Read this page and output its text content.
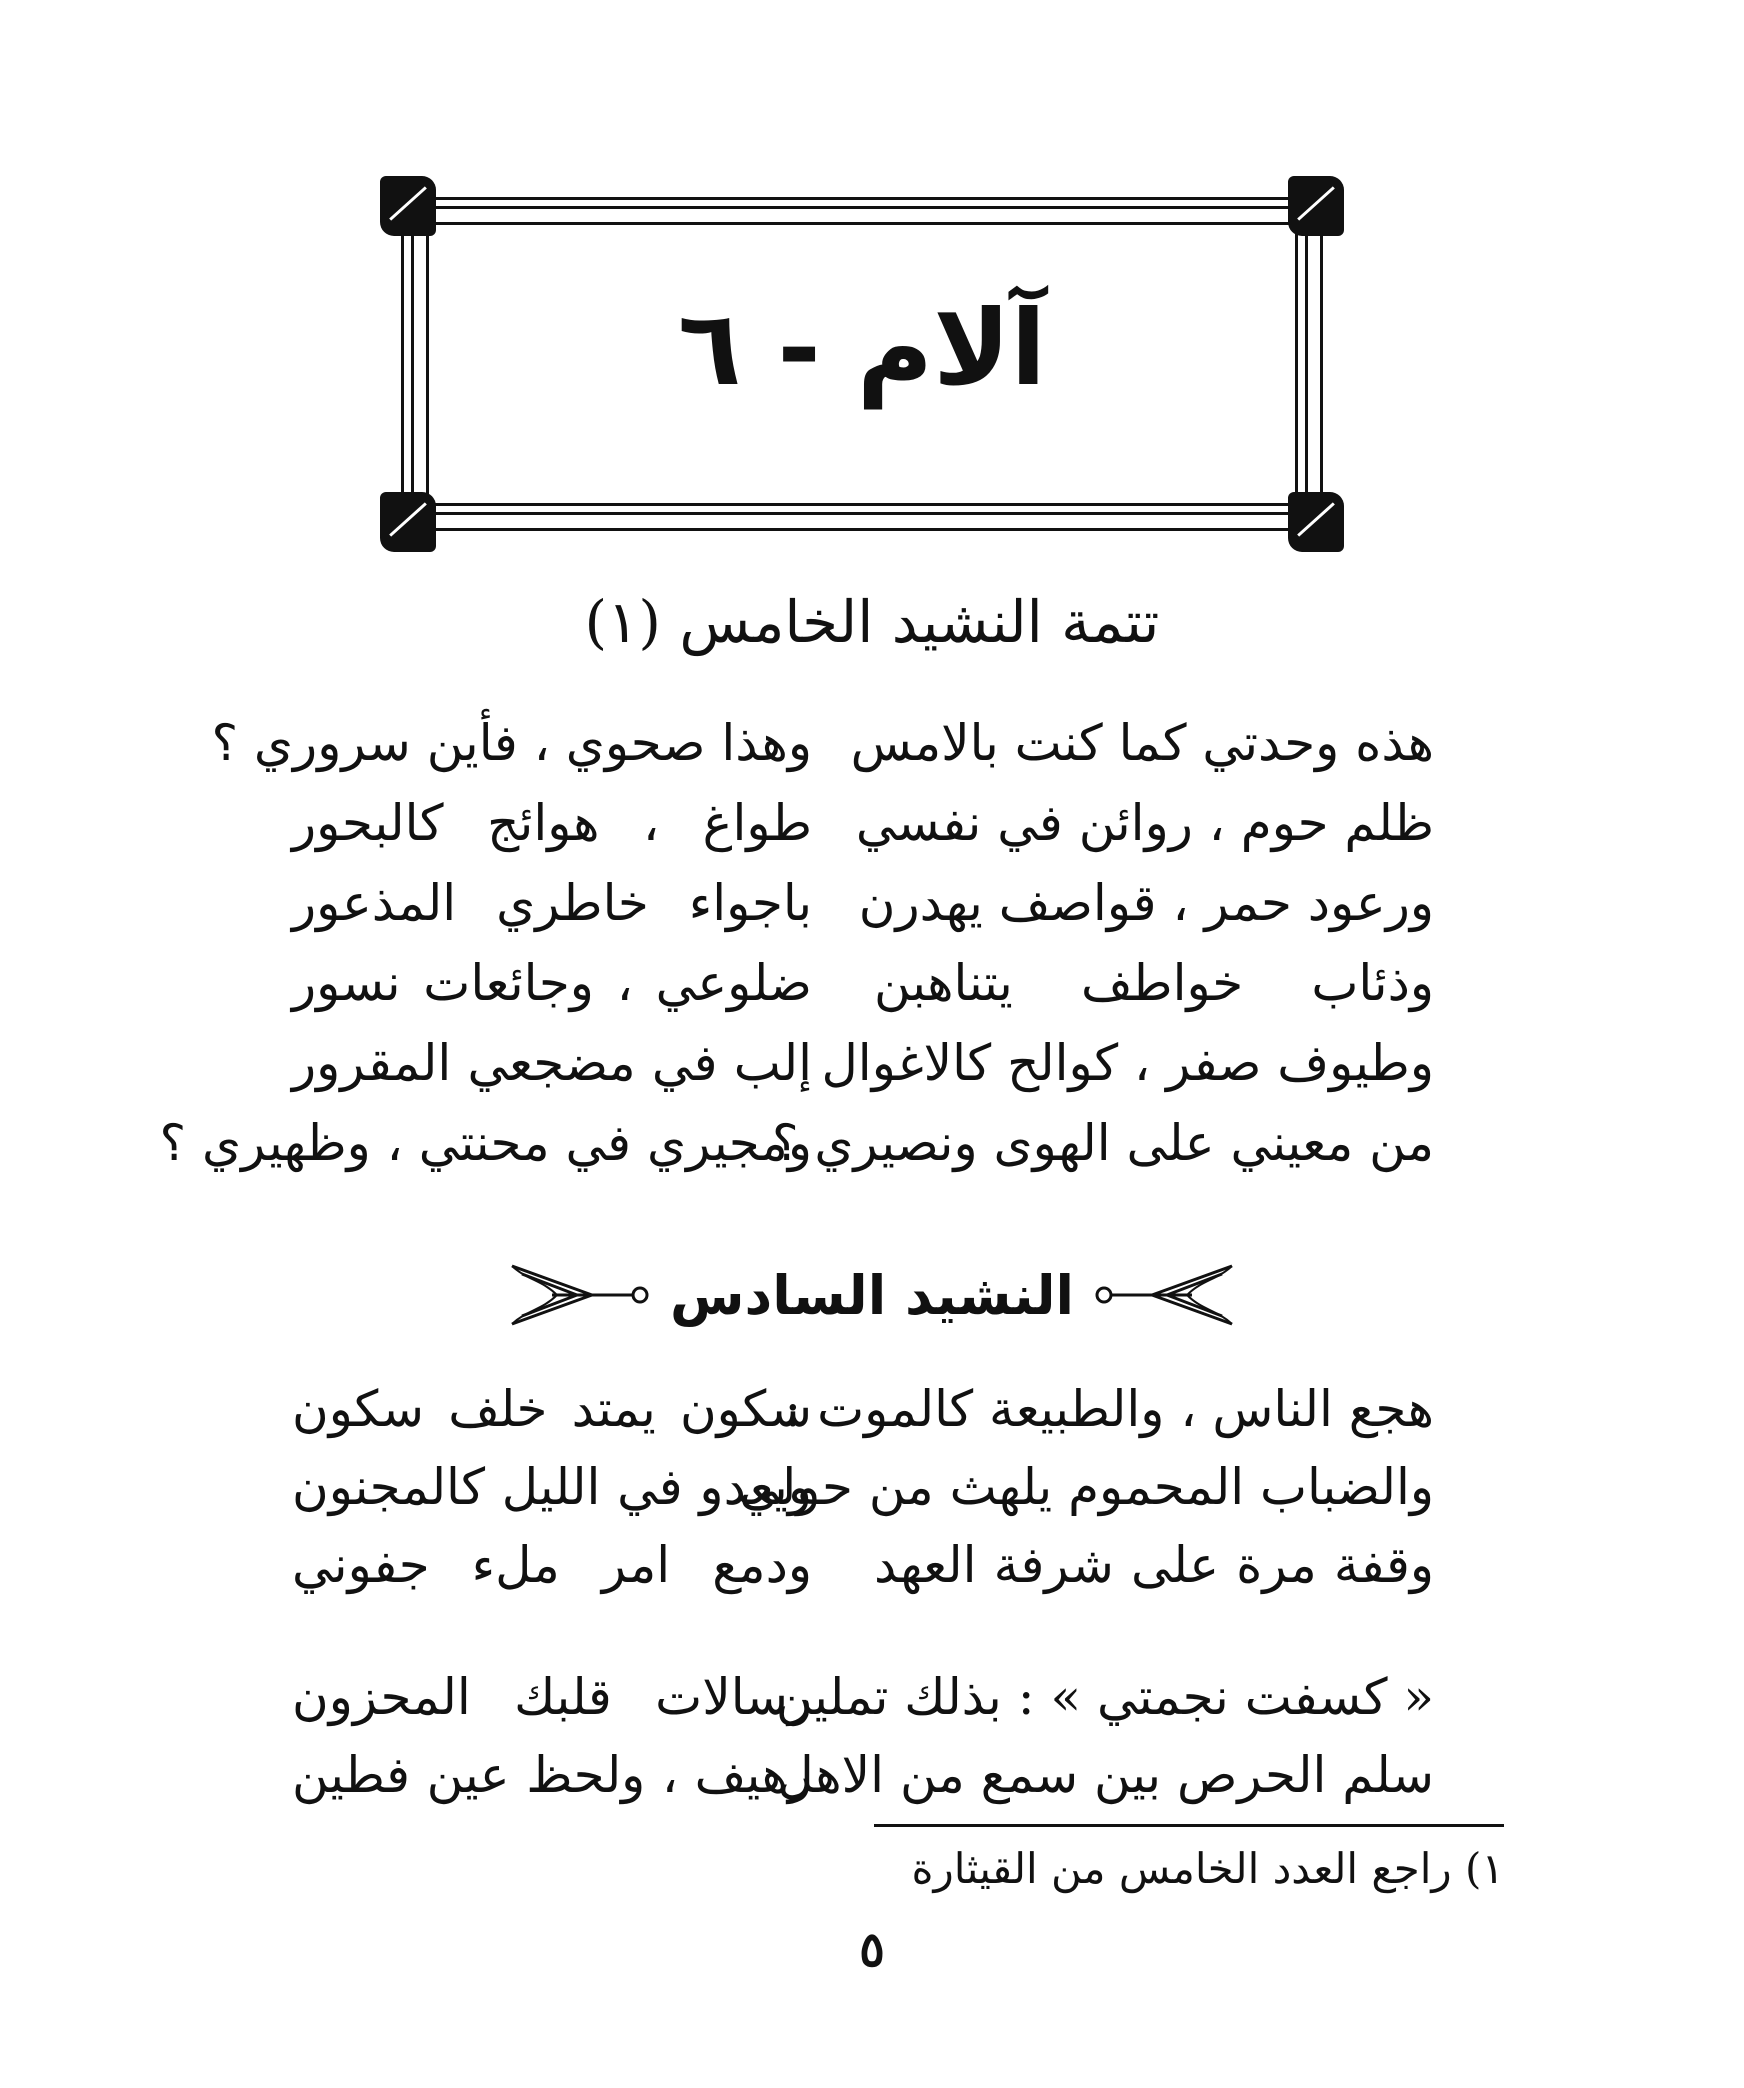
آلام - ٦
تتمة النشيد الخامس (١)
هذه وحدتي كما كنت بالامس
وهذا صحوي ، فأين سروري ؟
ظلم حوم ، روائن في نفسي
طواغ ، هوائج كالبحور
ورعود حمر ، قواصف يهدرن
باجواء خاطري المذعور
وذئاب خواطف يتناهبن
ضلوعي ، وجائعات نسور
وطيوف صفر ، كوالح كالاغوال
إلب في مضجعي المقرور
من معيني على الهوى ونصيري ؟
ومجيري في محنتي ، وظهيري ؟
النشيد السادس
هجع الناس ، والطبيعة كالموت :
سكون يمتد خلف سكون
والضباب المحموم يلهث من حولي
ويعدو في الليل كالمجنون
وقفة مرة على شرفة العهد
ودمع امر ملء جفوني
« كسفت نجمتي » : بذلك تملين
رسالات قلبك المحزون
سلم الحرص بين سمع من الاهل
رهيف ، ولحظ عين فطين
١) راجع العدد الخامس من القيثارة
٥
